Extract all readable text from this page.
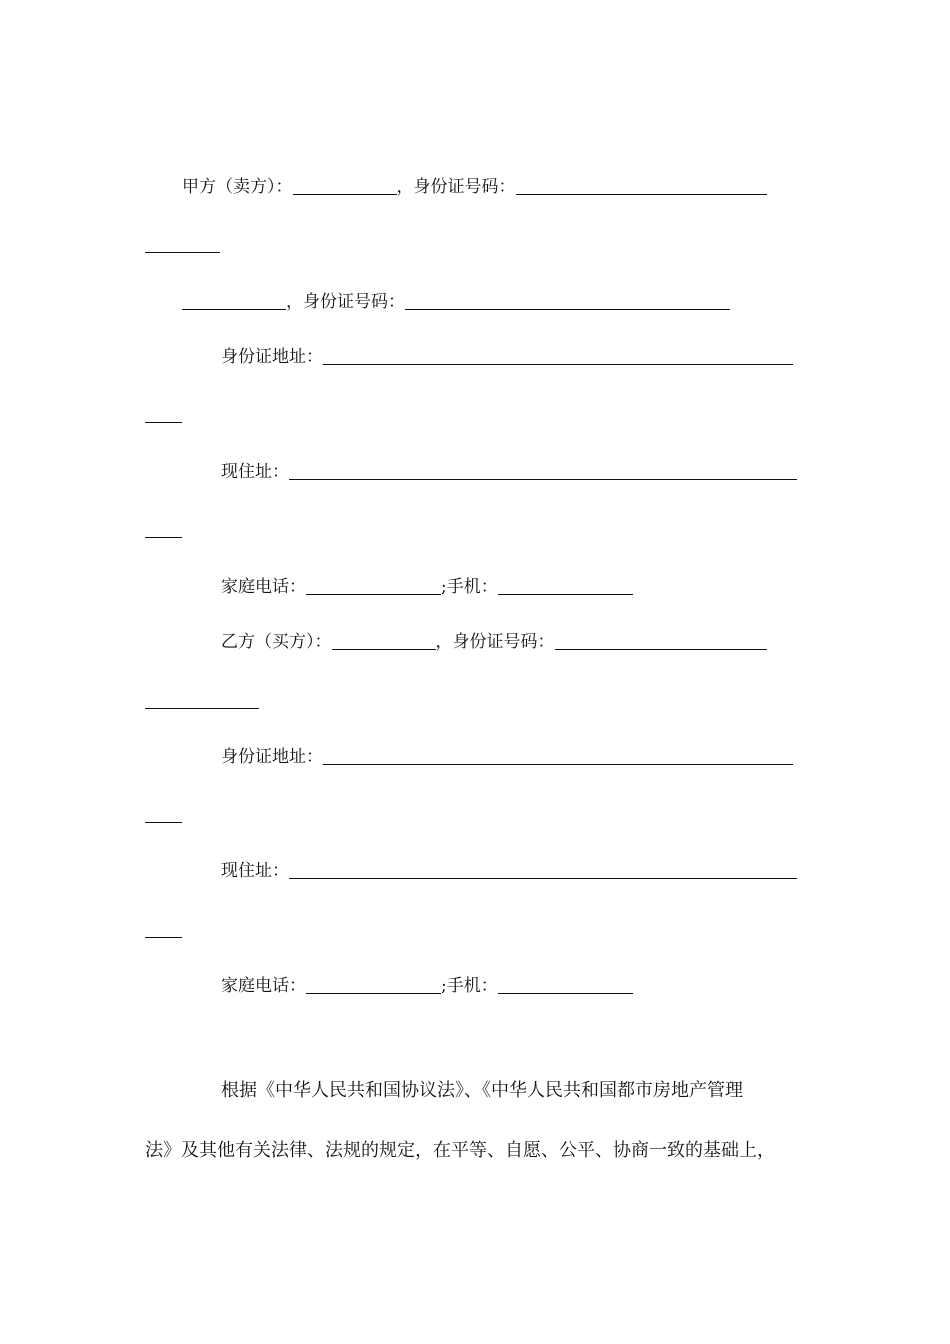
甲方（卖方）：	，身份证号码：
，身份证号码：
身份证地址：
现住址：
家庭电话：	;手机：
乙方（买方）：	，身份证号码：
身份证地址：
现住址：
家庭电话：	;手机：
根据《中华人民共和国协议法》、《中华人民共和国都市房地产管理
法》及其他有关法律、法规的规定，在平等、自愿、公平、协商一致的基础上，
